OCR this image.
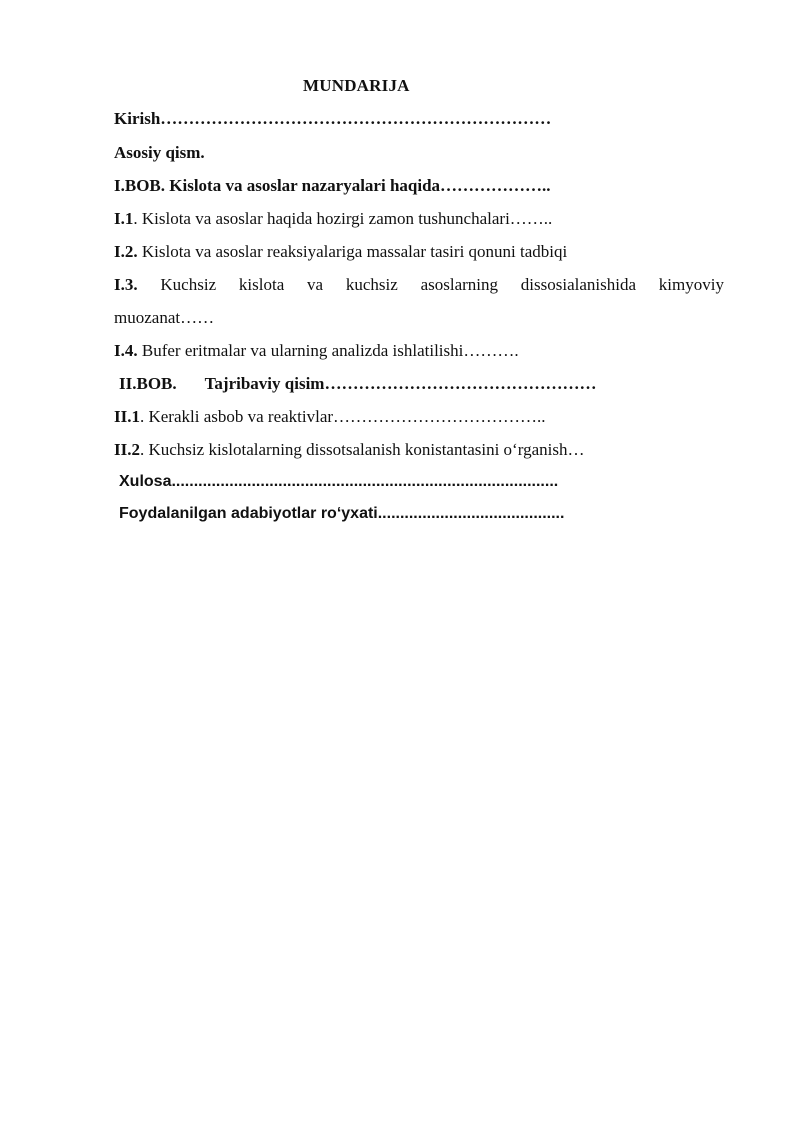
MUNDARIJA
Kirish……………………………………………………………
Asosiy qism.
I.BOB. Kislota va asoslar nazaryalari haqida………………..
I.1. Kislota va asoslar haqida hozirgi zamon tushunchalari……..
I.2. Kislota va asoslar reaksiyalariga massalar tasiri qonuni tadbiqi
I.3. Kuchsiz kislota va kuchsiz asoslarning dissosialanishida kimyoviy
muozanat……
I.4. Bufer eritmalar va ularning analizda ishlatilishi……….
II.BOB. Tajribaviy qisim…………………………………………
II.1. Kerakli asbob va reaktivlar………………………………..
II.2. Kuchsiz kislotalarning dissotsalanish konistantasini o‘rganish…
Xulosa.......................................................................................
Foydalanilgan adabiyotlar ro‘yxati..........................................
